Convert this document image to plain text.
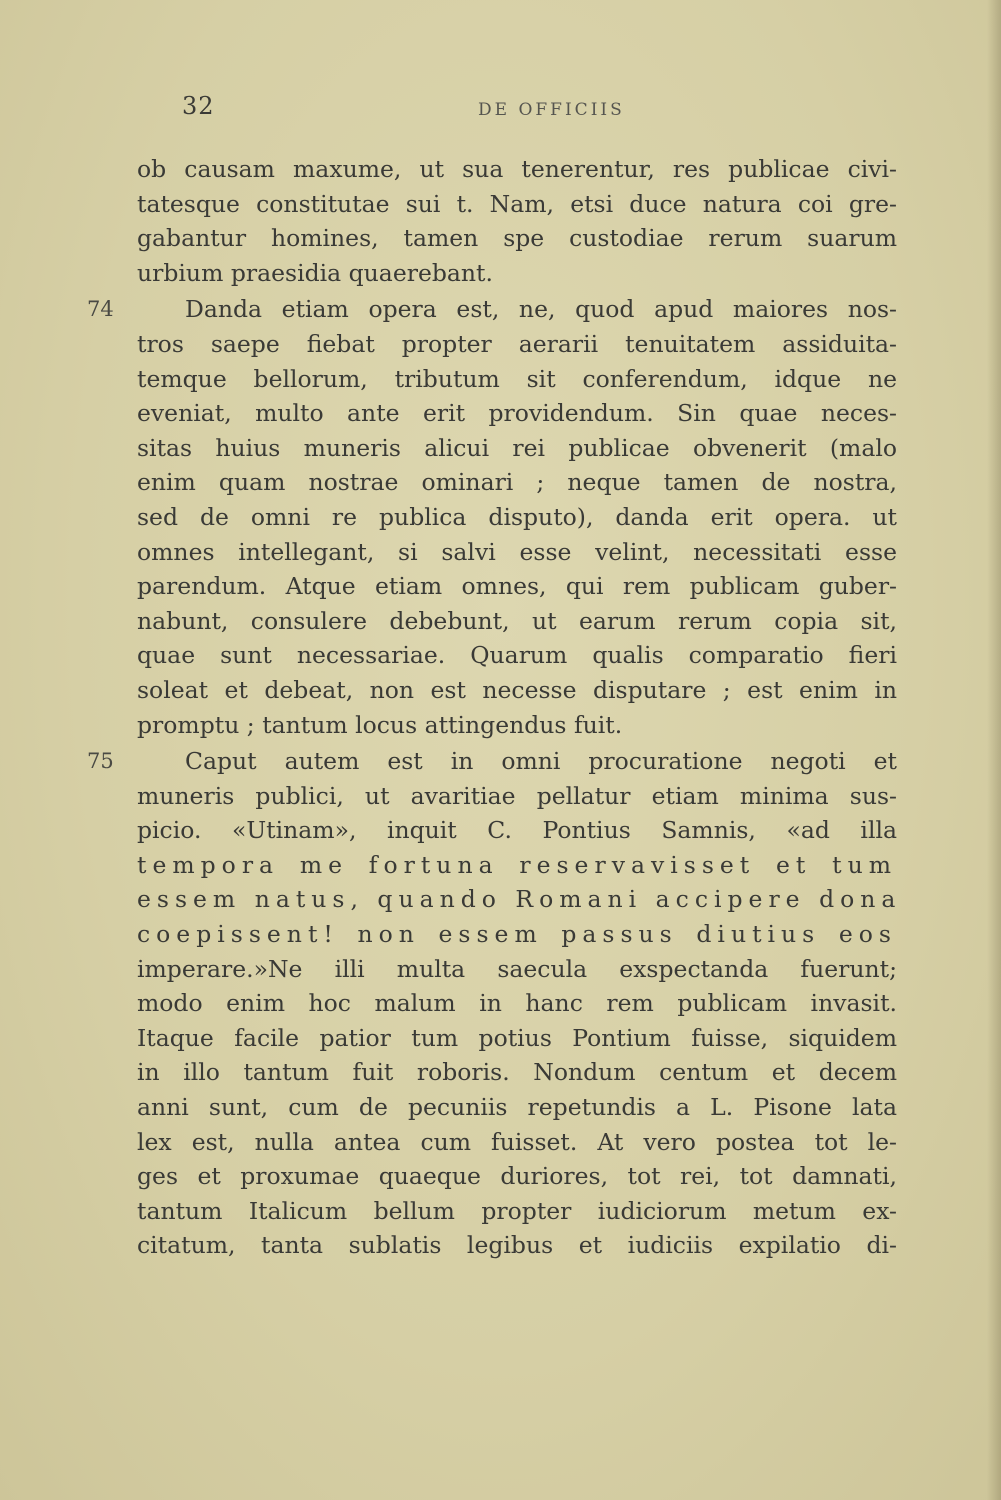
32	DE OFFICIIS
ob causam maxume, ut sua tenerentur, res publicae civi-
tatesque constitutae sui t. Nam, etsi duce natura coi gre-
gabantur homines, tamen spe custodiae rerum suarum
urbium praesidia quaerebant.
74	Danda etiam opera est, ne, quod apud maiores nos-
tros saepe fiebat propter aerarii tenuitatem assiduita-
temque bellorum, tributum sit conferendum, idque ne
eveniat, multo ante erit providendum. Sin quae neces-
sitas huius muneris alicui rei publicae obvenerit (malo
enim quam nostrae ominari ; neque tamen de nostra,
sed de omni re publica disputo), danda erit opera. ut
omnes intellegant, si salvi esse velint, necessitati esse
parendum. Atque etiam omnes, qui rem publicam guber-
nabunt, consulere debebunt, ut earum rerum copia sit,
quae sunt necessariae. Quarum qualis comparatio fieri
soleat et debeat, non est necesse disputare ; est enim in
promptu ; tantum locus attingendus fuit.
75	Caput autem est in omni procuratione negoti et
muneris publici, ut avaritiae pellatur etiam minima sus-
picio. «Utinam», inquit C. Pontius Samnis, «ad illa
tempora me fortuna reservavisset et tum
essem natus, quando Romani accipere dona
coepissent! non essem passus diutius eos
imperare.»Ne illi multa saecula exspectanda fuerunt;
modo enim hoc malum in hanc rem publicam invasit.
Itaque facile patior tum potius Pontium fuisse, siquidem
in illo tantum fuit roboris. Nondum centum et decem
anni sunt, cum de pecuniis repetundis a L. Pisone lata
lex est, nulla antea cum fuisset. At vero postea tot le-
ges et proxumae quaeque duriores, tot rei, tot damnati,
tantum Italicum bellum propter iudiciorum metum ex-
citatum, tanta sublatis legibus et iudiciis expilatio di-
